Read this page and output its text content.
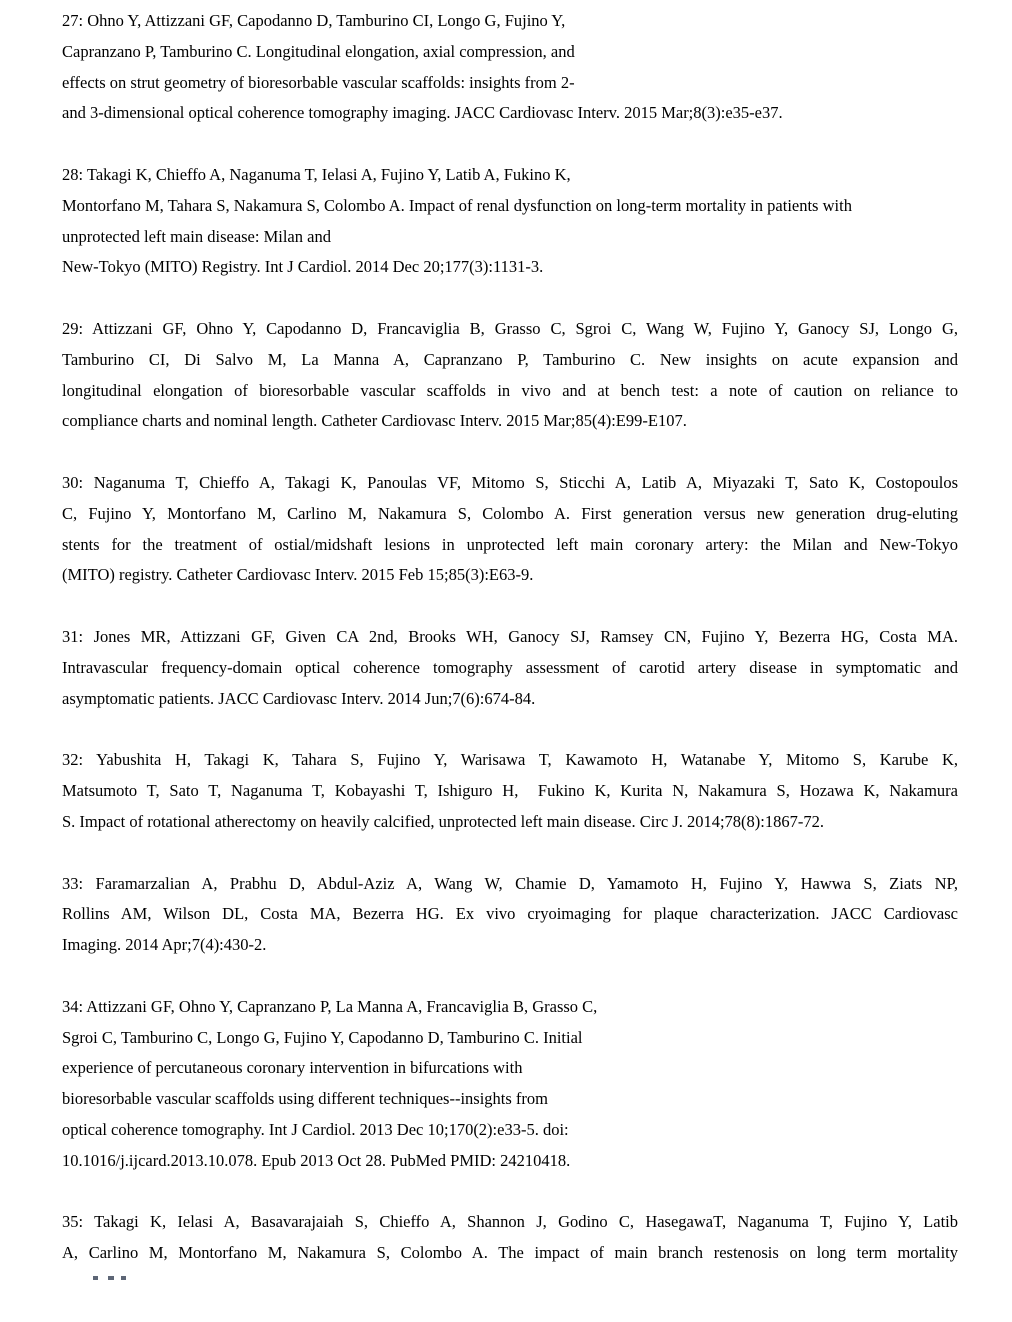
27: Ohno Y, Attizzani GF, Capodanno D, Tamburino CI, Longo G, Fujino Y,
Capranzano P, Tamburino C. Longitudinal elongation, axial compression, and
effects on strut geometry of bioresorbable vascular scaffolds: insights from 2-
and 3-dimensional optical coherence tomography imaging. JACC Cardiovasc Interv. 2015 Mar;8(3):e35-e37.
28: Takagi K, Chieffo A, Naganuma T, Ielasi A, Fujino Y, Latib A, Fukino K,
Montorfano M, Tahara S, Nakamura S, Colombo A. Impact of renal dysfunction on long-term mortality in patients with
unprotected left main disease: Milan and
New-Tokyo (MITO) Registry. Int J Cardiol. 2014 Dec 20;177(3):1131-3.
29: Attizzani GF, Ohno Y, Capodanno D, Francaviglia B, Grasso C, Sgroi C, Wang W, Fujino Y, Ganocy SJ, Longo G,
Tamburino CI, Di Salvo M, La Manna A, Capranzano P, Tamburino C. New insights on acute expansion and
longitudinal elongation of bioresorbable vascular scaffolds in vivo and at bench test: a note of caution on reliance to
compliance charts and nominal length. Catheter Cardiovasc Interv. 2015 Mar;85(4):E99-E107.
30: Naganuma T, Chieffo A, Takagi K, Panoulas VF, Mitomo S, Sticchi A, Latib A, Miyazaki T, Sato K, Costopoulos
C, Fujino Y, Montorfano M, Carlino M, Nakamura S, Colombo A. First generation versus new generation drug-eluting
stents for the treatment of ostial/midshaft lesions in unprotected left main coronary artery: the Milan and New-Tokyo
(MITO) registry. Catheter Cardiovasc Interv. 2015 Feb 15;85(3):E63-9.
31: Jones MR, Attizzani GF, Given CA 2nd, Brooks WH, Ganocy SJ, Ramsey CN, Fujino Y, Bezerra HG, Costa MA.
Intravascular frequency-domain optical coherence tomography assessment of carotid artery disease in symptomatic and
asymptomatic patients. JACC Cardiovasc Interv. 2014 Jun;7(6):674-84.
32: Yabushita H, Takagi K, Tahara S, Fujino Y, Warisawa T, Kawamoto H, Watanabe Y, Mitomo S, Karube K,
Matsumoto T, Sato T, Naganuma T, Kobayashi T, Ishiguro H,  Fukino K, Kurita N, Nakamura S, Hozawa K, Nakamura
S. Impact of rotational atherectomy on heavily calcified, unprotected left main disease. Circ J. 2014;78(8):1867-72.
33: Faramarzalian A, Prabhu D, Abdul-Aziz A, Wang W, Chamie D, Yamamoto H, Fujino Y, Hawwa S, Ziats NP,
Rollins AM, Wilson DL, Costa MA, Bezerra HG. Ex vivo cryoimaging for plaque characterization. JACC Cardiovasc
Imaging. 2014 Apr;7(4):430-2.
34: Attizzani GF, Ohno Y, Capranzano P, La Manna A, Francaviglia B, Grasso C,
Sgroi C, Tamburino C, Longo G, Fujino Y, Capodanno D, Tamburino C. Initial
experience of percutaneous coronary intervention in bifurcations with
bioresorbable vascular scaffolds using different techniques--insights from
optical coherence tomography. Int J Cardiol. 2013 Dec 10;170(2):e33-5. doi:
10.1016/j.ijcard.2013.10.078. Epub 2013 Oct 28. PubMed PMID: 24210418.
35: Takagi K, Ielasi A, Basavarajaiah S, Chieffo A, Shannon J, Godino C, HasegawaT, Naganuma T, Fujino Y, Latib
A, Carlino M, Montorfano M, Nakamura S, Colombo A. The impact of main branch restenosis on long term mortality
